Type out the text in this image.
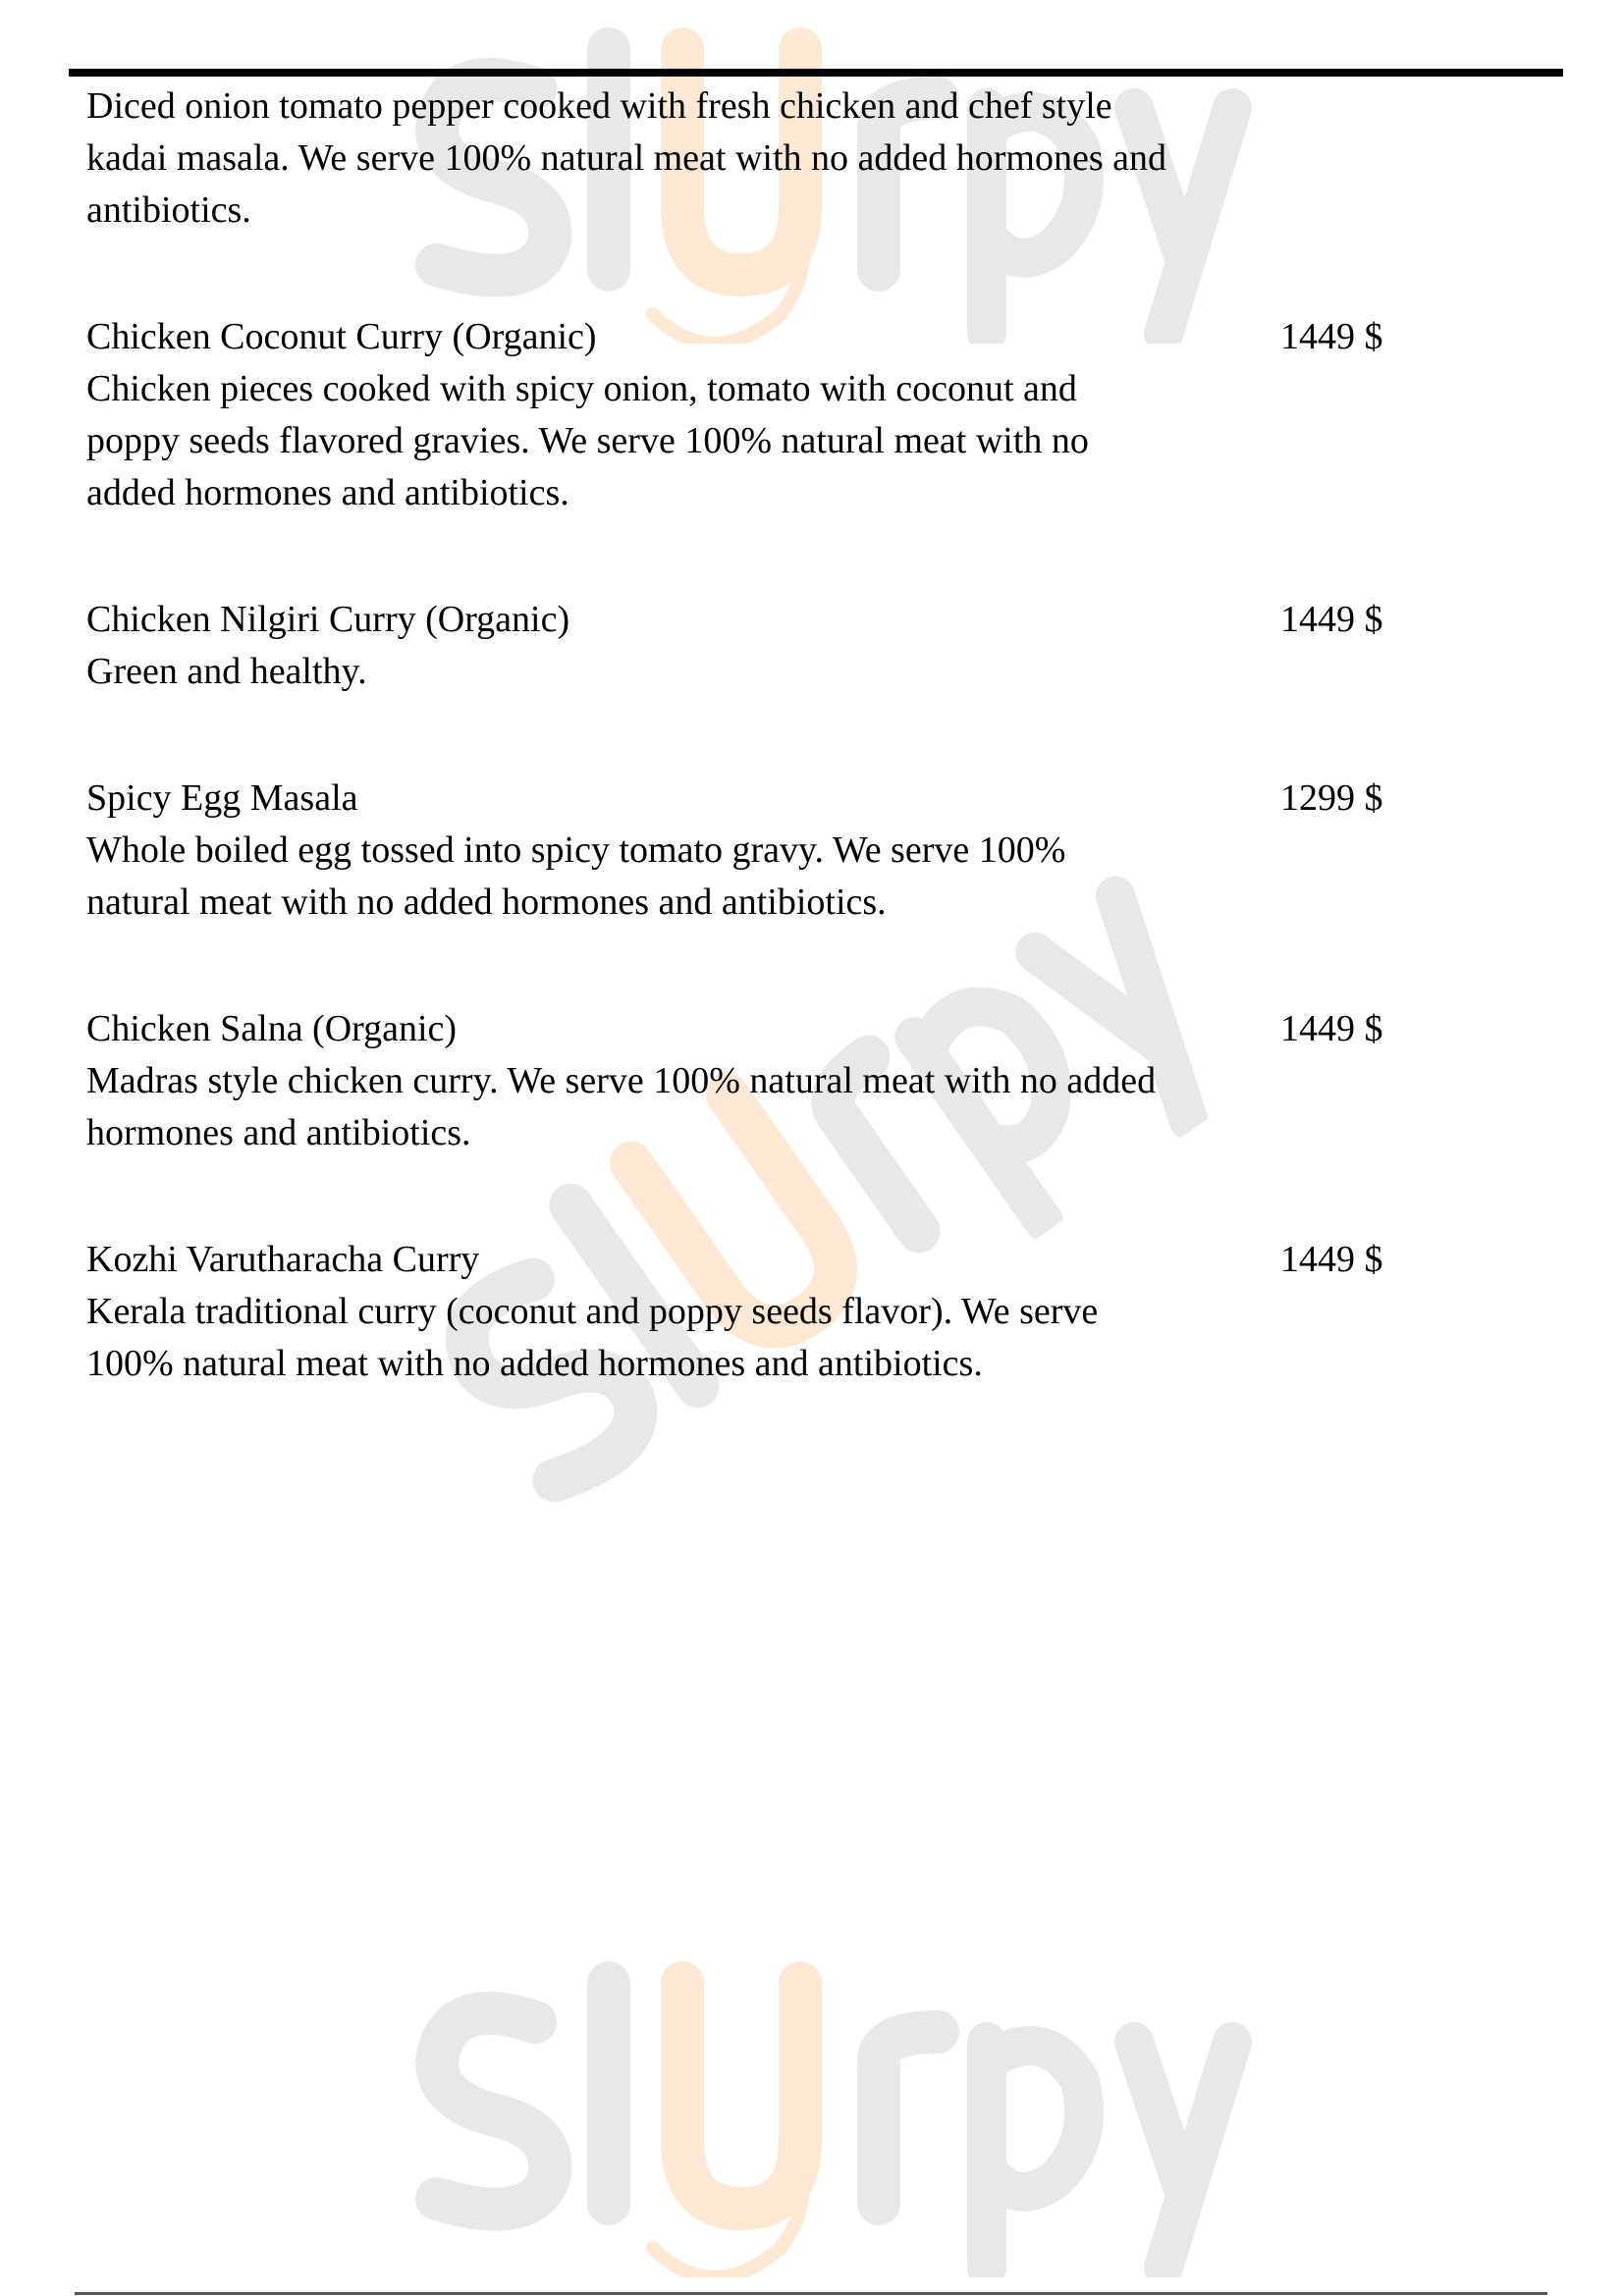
Diced onion tomato pepper cooked with fresh chicken and chef style kadai masala. We serve 100% natural meat with no added hormones and antibiotics.
Chicken Coconut Curry (Organic)
Chicken pieces cooked with spicy onion, tomato with coconut and poppy seeds flavored gravies. We serve 100% natural meat with no added hormones and antibiotics.
1449 $
Chicken Nilgiri Curry (Organic)
Green and healthy.
1449 $
Spicy Egg Masala
Whole boiled egg tossed into spicy tomato gravy. We serve 100% natural meat with no added hormones and antibiotics.
1299 $
Chicken Salna (Organic)
Madras style chicken curry. We serve 100% natural meat with no added hormones and antibiotics.
1449 $
Kozhi Varutharacha Curry
Kerala traditional curry (coconut and poppy seeds flavor). We serve 100% natural meat with no added hormones and antibiotics.
1449 $
